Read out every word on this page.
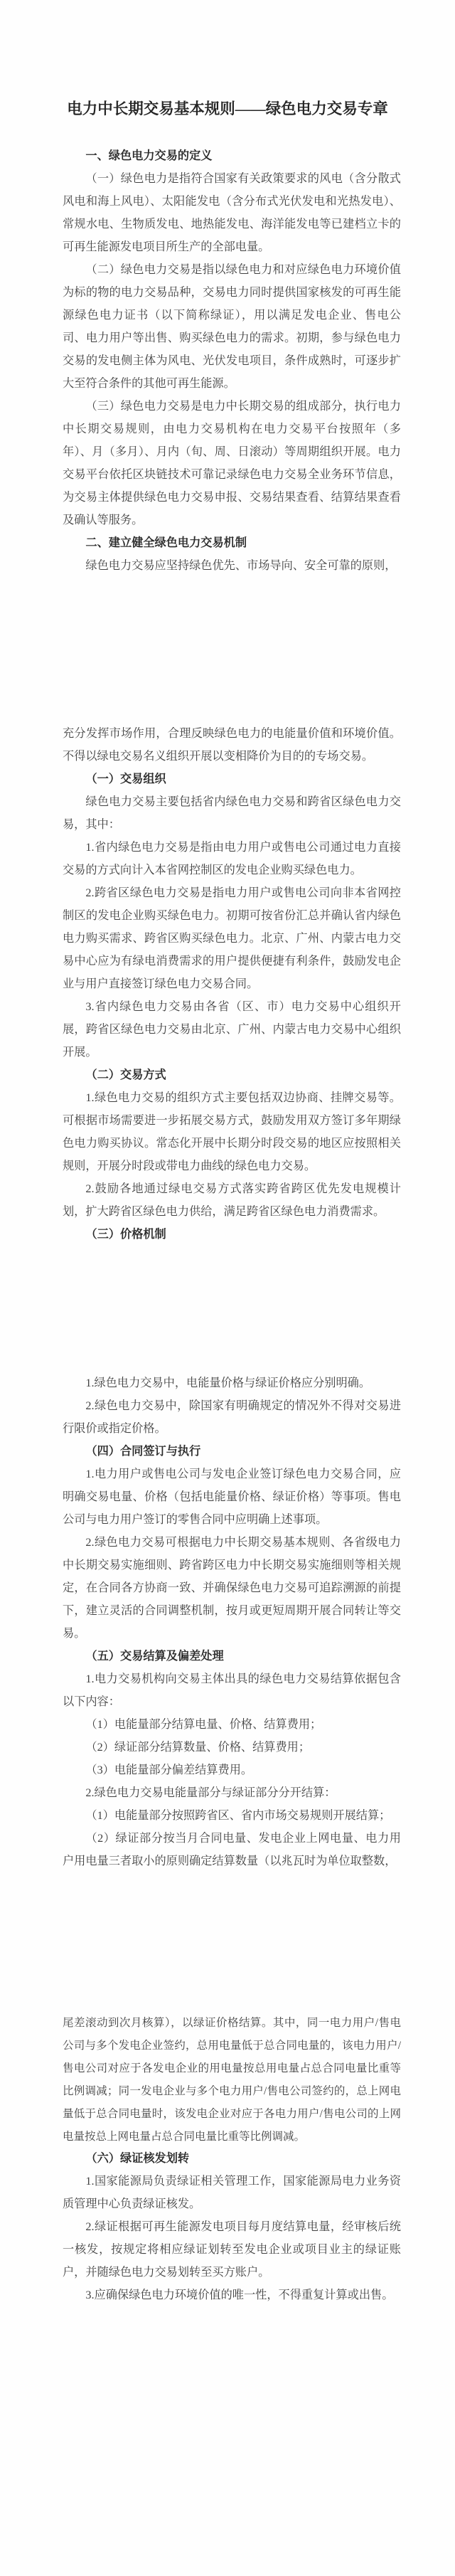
电力中长期交易基本规则——绿色电力交易专章
一、绿色电力交易的定义

（一）绿色电力是指符合国家有关政策要求的风电（含分散式风电和海上风电）、太阳能发电（含分布式光伏发电和光热发电）、常规水电、生物质发电、地热能发电、海洋能发电等已建档立卡的可再生能源发电项目所生产的全部电量。

（二）绿色电力交易是指以绿色电力和对应绿色电力环境价值为标的物的电力交易品种，交易电力同时提供国家核发的可再生能源绿色电力证书（以下简称绿证），用以满足发电企业、售电公司、电力用户等出售、购买绿色电力的需求。初期，参与绿色电力交易的发电侧主体为风电、光伏发电项目，条件成熟时，可逐步扩大至符合条件的其他可再生能源。

（三）绿色电力交易是电力中长期交易的组成部分，执行电力中长期交易规则，由电力交易机构在电力交易平台按照年（多年）、月（多月）、月内（旬、周、日滚动）等周期组织开展。电力交易平台依托区块链技术可靠记录绿色电力交易全业务环节信息，为交易主体提供绿色电力交易申报、交易结果查看、结算结果查看及确认等服务。

二、建立健全绿色电力交易机制

绿色电力交易应坚持绿色优先、市场导向、安全可靠的原则，

充分发挥市场作用，合理反映绿色电力的电能量价值和环境价值。不得以绿电交易名义组织开展以变相降价为目的的专场交易。

（一）交易组织

绿色电力交易主要包括省内绿色电力交易和跨省区绿色电力交易，其中：

1.省内绿色电力交易是指由电力用户或售电公司通过电力直接交易的方式向计入本省网控制区的发电企业购买绿色电力。

2.跨省区绿色电力交易是指电力用户或售电公司向非本省网控制区的发电企业购买绿色电力。初期可按省份汇总并确认省内绿色电力购买需求、跨省区购买绿色电力。北京、广州、内蒙古电力交易中心应为有绿电消费需求的用户提供便捷有利条件，鼓励发电企业与用户直接签订绿色电力交易合同。

3.省内绿色电力交易由各省（区、市）电力交易中心组织开展，跨省区绿色电力交易由北京、广州、内蒙古电力交易中心组织开展。

（二）交易方式

1.绿色电力交易的组织方式主要包括双边协商、挂牌交易等。可根据市场需要进一步拓展交易方式，鼓励发用双方签订多年期绿色电力购买协议。常态化开展中长期分时段交易的地区应按照相关规则，开展分时段或带电力曲线的绿色电力交易。

2.鼓励各地通过绿电交易方式落实跨省跨区优先发电规模计划，扩大跨省区绿色电力供给，满足跨省区绿色电力消费需求。

（三）价格机制

1.绿色电力交易中，电能量价格与绿证价格应分别明确。

2.绿色电力交易中，除国家有明确规定的情况外不得对交易进行限价或指定价格。

（四）合同签订与执行

1.电力用户或售电公司与发电企业签订绿色电力交易合同，应明确交易电量、价格（包括电能量价格、绿证价格）等事项。售电公司与电力用户签订的零售合同中应明确上述事项。

2.绿色电力交易可根据电力中长期交易基本规则、各省级电力中长期交易实施细则、跨省跨区电力中长期交易实施细则等相关规定，在合同各方协商一致、并确保绿色电力交易可追踪溯源的前提下，建立灵活的合同调整机制，按月或更短周期开展合同转让等交易。

（五）交易结算及偏差处理

1.电力交易机构向交易主体出具的绿色电力交易结算依据包含以下内容：

（1）电能量部分结算电量、价格、结算费用；

（2）绿证部分结算数量、价格、结算费用；

（3）电能量部分偏差结算费用。

2.绿色电力交易电能量部分与绿证部分分开结算：

（1）电能量部分按照跨省区、省内市场交易规则开展结算；

（2）绿证部分按当月合同电量、发电企业上网电量、电力用户用电量三者取小的原则确定结算数量（以兆瓦时为单位取整数，

尾差滚动到次月核算），以绿证价格结算。其中，同一电力用户/售电公司与多个发电企业签约，总用电量低于总合同电量的，该电力用户/售电公司对应于各发电企业的用电量按总用电量占总合同电量比重等比例调减；同一发电企业与多个电力用户/售电公司签约的，总上网电量低于总合同电量时，该发电企业对应于各电力用户/售电公司的上网电量按总上网电量占总合同电量比重等比例调减。

（六）绿证核发划转

1.国家能源局负责绿证相关管理工作，国家能源局电力业务资质管理中心负责绿证核发。

2.绿证根据可再生能源发电项目每月度结算电量，经审核后统一核发，按规定将相应绿证划转至发电企业或项目业主的绿证账户，并随绿色电力交易划转至买方账户。

3.应确保绿色电力环境价值的唯一性，不得重复计算或出售。
